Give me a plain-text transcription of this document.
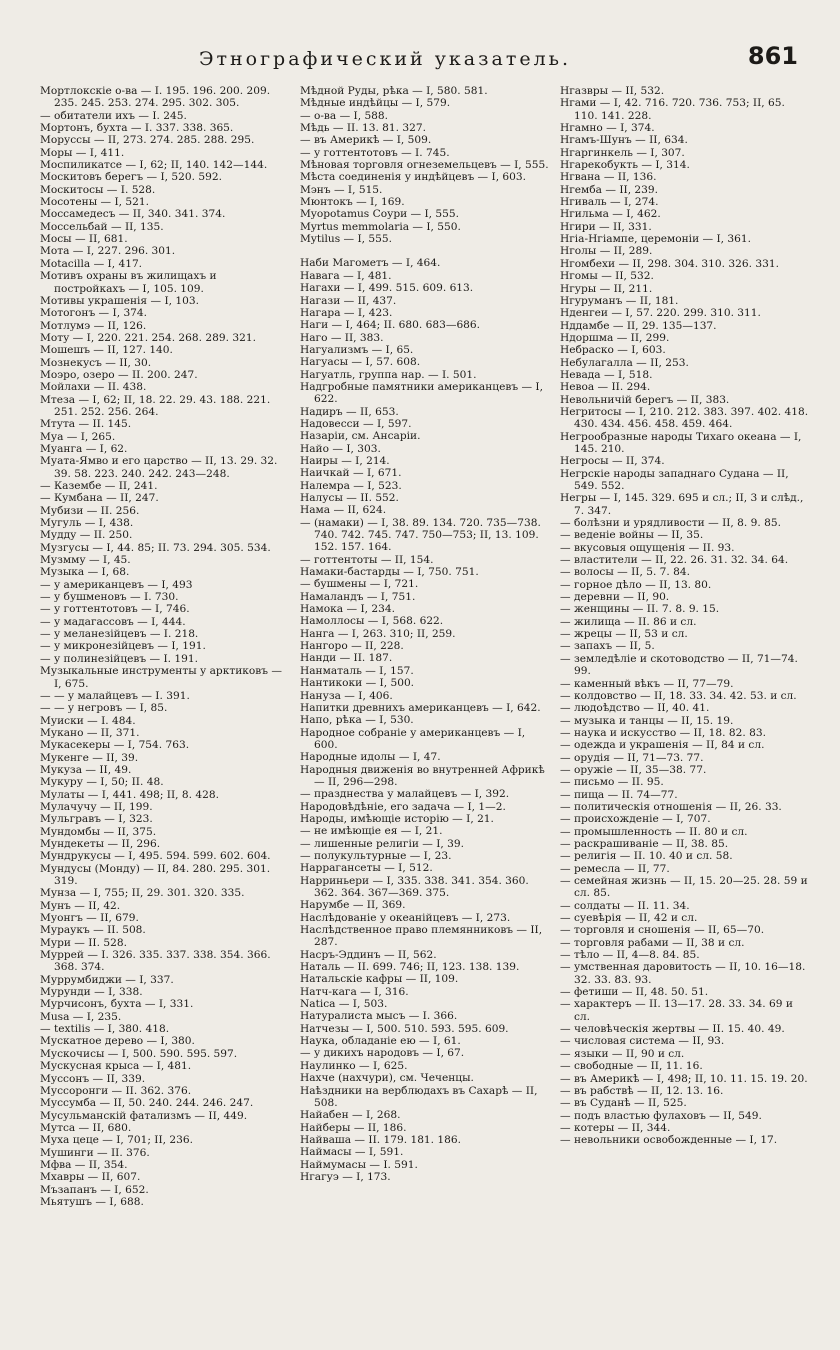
Этнографический указатель.	861
Мортлокскіе о-ва — I. 195. 196. 200. 209. 235. 245. 253. 274. 295. 302. 305.
— обитатели ихъ — I. 245.
Мортонъ, бухта — I. 337. 338. 365.
Моруссы — II, 273. 274. 285. 288. 295.
Моры — I, 411.
Моспиликатсе — I, 62; II, 140. 142—144.
Москитовъ берегъ — I, 520. 592.
Москитосы — I. 528.
Мосотены — I, 521.
Моссамедесъ — II, 340. 341. 374.
Моссельбай — II, 135.
Мосы — II, 681.
Мота — I, 227. 296. 301.
Motacilla — I, 417.
Мотивъ охраны въ жилищахъ и постройкахъ — I, 105. 109.
Мотивы украшенія — I, 103.
Мотогонъ — I, 374.
Мотлумэ — II, 126.
Моту — I, 220. 221. 254. 268. 289. 321.
Мошешъ — II, 127. 140.
Мознекусъ — II, 30.
Моэро, озеро — II. 200. 247.
Мойлахи — II. 438.
Мтеза — I, 62; II, 18. 22. 29. 43. 188. 221. 251. 252. 256. 264.
Мтута — II. 145.
Муа — I, 265.
Муанга — I, 62.
Муата-Ямво и его царство — II, 13. 29. 32. 39. 58. 223. 240. 242. 243—248.
— Казембе — II, 241.
— Кумбана — II, 247.
Мубизи — II. 256.
Мугуль — I, 438.
Мудду — II. 250.
Музгусы — I, 44. 85; II. 73. 294. 305. 534.
Музмму — I, 45.
Музыка — I, 68.
— у американцевъ — I, 493
— у бушменовъ — I. 730.
— у готтентотовъ — I, 746.
— у мадагассовъ — I, 444.
— у меланезійцевъ — I. 218.
— у микронезійцевъ — I, 191.
— у полинезійцевъ — I. 191.
Музыкальные инструменты у арктиковъ — I, 675.
— — у малайцевъ — I. 391.
— — у негровъ — I, 85.
Муиски — I. 484.
Мукано — II, 371.
Мукасекеры — I, 754. 763.
Мукенге — II, 39.
Мукуза — II, 49.
Мукуру — I, 50; II. 48.
Мулаты — I, 441. 498; II, 8. 428.
Мулачучу — II, 199.
Мульгравъ — I, 323.
Мундомбы — II, 375.
Мундекеты — II, 296.
Мундрукусы — I, 495. 594. 599. 602. 604.
Мундусы (Монду) — II, 84. 280. 295. 301. 319.
Мунза — I, 755; II, 29. 301. 320. 335.
Мунъ — II, 42.
Муонгъ — II, 679.
Мураукъ — II. 508.
Мури — II. 528.
Муррей — I. 326. 335. 337. 338. 354. 366. 368. 374.
Муррумбиджи — I, 337.
Мурунди — I, 338.
Мурчисонъ, бухта — I, 331.
Musa — I, 235.
— textilis — I, 380. 418.
Мускатное дерево — I, 380.
Мускочисы — I, 500. 590. 595. 597.
Мускусная крыса — I, 481.
Муссонъ — II, 339.
Муссоронги — II. 362. 376.
Муссумба — II, 50. 240. 244. 246. 247.
Мусульманскій фатализмъ — II, 449.
Мутса — II, 680.
Муха цеце — I, 701; II, 236.
Мушинги — II. 376.
Мфва — II, 354.
Мхавры — II, 607.
Мъзапанъ — I, 652.
Мьятушъ — I, 688.
Мѣдной Руды, рѣка — I, 580. 581.
Мѣдные индѣйцы — I, 579.
— о-ва — I, 588.
Мѣдь — II. 13. 81. 327.
— въ Америкѣ — I, 509.
— у готтентотовъ — I. 745.
Мѣновая торговля огнеземельцевъ — I, 555.
Мѣста соединенія у индѣйцевъ — I, 603.
Мэнъ — I, 515.
Мюнтокъ — I, 169.
Myopotamus Соури — I, 555.
Myrtus memmolaria — I, 550.
Mytilus — I, 555.
Наби Магометъ — I, 464.
Навага — I, 481.
Нагахи — I, 499. 515. 609. 613.
Нагази — II, 437.
Нагара — I, 423.
Наги — I, 464; II. 680. 683—686.
Наго — II, 383.
Нагуализмъ — I, 65.
Нагуасы — I, 57. 608.
Нагуатль, группа нар. — I. 501.
Надгробные памятники американцевъ — I, 622.
Надиръ — II, 653.
Надовесси — I, 597.
Назаріи, см. Ансаріи.
Найо — I, 303.
Наиры — I, 214.
Наичкай — I, 671.
Налемра — I, 523.
Налусы — II. 552.
Нама — II, 624.
— (намаки) — I, 38. 89. 134. 720. 735—738. 740. 742. 745. 747. 750—753; II, 13. 109. 152. 157. 164.
— готтентоты — II, 154.
Намаки-бастарды — I, 750. 751.
— бушмены — I, 721.
Намаландъ — I, 751.
Намока — I, 234.
Намоллосы — I, 568. 622.
Нанга — I, 263. 310; II, 259.
Нангоро — II, 228.
Нанди — II. 187.
Нанматаль — I, 157.
Нантикоки — I, 500.
Нануза — I, 406.
Напитки древнихъ американцевъ — I, 642.
Напо, рѣка — I, 530.
Народное собраніе у американцевъ — I, 600.
Народные идолы — I, 47.
Народныя движенія во внутренней Африкѣ — II, 296—298.
— празднества у малайцевъ — I, 392.
Народовѣдѣніе, его задача — I, 1—2.
Народы, имѣющіе исторію — I, 21.
— не имѣющіе ея — I, 21.
— лишенные религіи — I, 39.
— полукультурные — I, 23.
Наррагансеты — I, 512.
Нарриньери — I, 335. 338. 341. 354. 360. 362. 364. 367—369. 375.
Нарумбе — II, 369.
Наслѣдованіе у океанійцевъ — I, 273.
Наслѣдственное право племянниковъ — II, 287.
Насръ-Эддинъ — II, 562.
Наталь — II. 699. 746; II, 123. 138. 139.
Натальскіе кафры — II, 109.
Натч-кага — I, 316.
Natica — I, 503.
Натуралиста мысъ — I. 366.
Натчезы — I, 500. 510. 593. 595. 609.
Наука, обладаніе ею — I, 61.
— у дикихъ народовъ — I, 67.
Наулинко — I, 625.
Нахче (нахчури), см. Чеченцы.
Наѣздники на верблюдахъ въ Сахарѣ — II, 508.
Найабен — I, 268.
Найберы — II, 186.
Найваша — II. 179. 181. 186.
Наймасы — I, 591.
Наймумасы — I. 591.
Нгагуэ — I, 173.
Нгазвры — II, 532.
Нгами — I, 42. 716. 720. 736. 753; II, 65. 110. 141. 228.
Нгамно — I, 374.
Нгамъ-Шунъ — II, 634.
Нгаргинкель — I, 307.
Нгарекобукть — I, 314.
Нгвана — II, 136.
Нгемба — II, 239.
Нгиваль — I, 274.
Нгильма — I, 462.
Нгири — II, 331.
Нгіа-Нгіампе, церемоніи — I, 361.
Нголы — II, 289.
Нгомбехи — II, 298. 304. 310. 326. 331.
Нгомы — II, 532.
Нгуры — II, 211.
Нгуруманъ — II, 181.
Нденгеи — I, 57. 220. 299. 310. 311.
Нддамбе — II, 29. 135—137.
Ндоршма — II, 299.
Небраско — I, 603.
Небулагалла — II, 253.
Невада — I, 518.
Невоа — II. 294.
Невольничій берегъ — II, 383.
Негритосы — I, 210. 212. 383. 397. 402. 418. 430. 434. 456. 458. 459. 464.
Негрообразные народы Тихаго океана — I, 145. 210.
Негросы — II, 374.
Негрскіе народы западнаго Судана — II, 549. 552.
Негры — I, 145. 329. 695 и сл.; II, 3 и слѣд., 7. 347.
— болѣзни и урядливости — II, 8. 9. 85.
— веденіе войны — II, 35.
— вкусовыя ощущенія — II. 93.
— властители — II, 22. 26. 31. 32. 34. 64.
— волосы — II, 5. 7. 84.
— горное дѣло — II, 13. 80.
— деревни — II, 90.
— женщины — II. 7. 8. 9. 15.
— жилища — II. 86 и сл.
— жрецы — II, 53 и сл.
— запахъ — II, 5.
— земледѣліе и скотоводство — II, 71—74. 99.
— каменный вѣкъ — II, 77—79.
— колдовство — II, 18. 33. 34. 42. 53. и сл.
— людоѣдство — II, 40. 41.
— музыка и танцы — II, 15. 19.
— наука и искусство — II, 18. 82. 83.
— одежда и украшенія — II, 84 и сл.
— орудія — II, 71—73. 77.
— оружіе — II, 35—38. 77.
— письмо — II. 95.
— пища — II. 74—77.
— политическія отношенія — II, 26. 33.
— происхожденіе — I, 707.
— промышленность — II. 80 и сл.
— раскрашиваніе — II, 38. 85.
— религія — II. 10. 40 и сл. 58.
— ремесла — II, 77.
— семейная жизнь — II, 15. 20—25. 28. 59 и сл. 85.
— солдаты — II. 11. 34.
— суевѣрія — II, 42 и сл.
— торговля и сношенія — II, 65—70.
— торговля рабами — II, 38 и сл.
— тѣло — II, 4—8. 84. 85.
— умственная даровитость — II, 10. 16—18. 32. 33. 83. 93.
— фетиши — II, 48. 50. 51.
— характеръ — II. 13—17. 28. 33. 34. 69 и сл.
— человѣческія жертвы — II. 15. 40. 49.
— числовая система — II, 93.
— языки — II, 90 и сл.
— свободные — II, 11. 16.
— въ Америкѣ — I, 498; II, 10. 11. 15. 19. 20.
— въ рабствѣ — II, 12. 13. 16.
— въ Суданѣ — II, 525.
— подъ властью фулаховъ — II, 549.
— котеры — II, 344.
— невольники освобожденные — I, 17.
